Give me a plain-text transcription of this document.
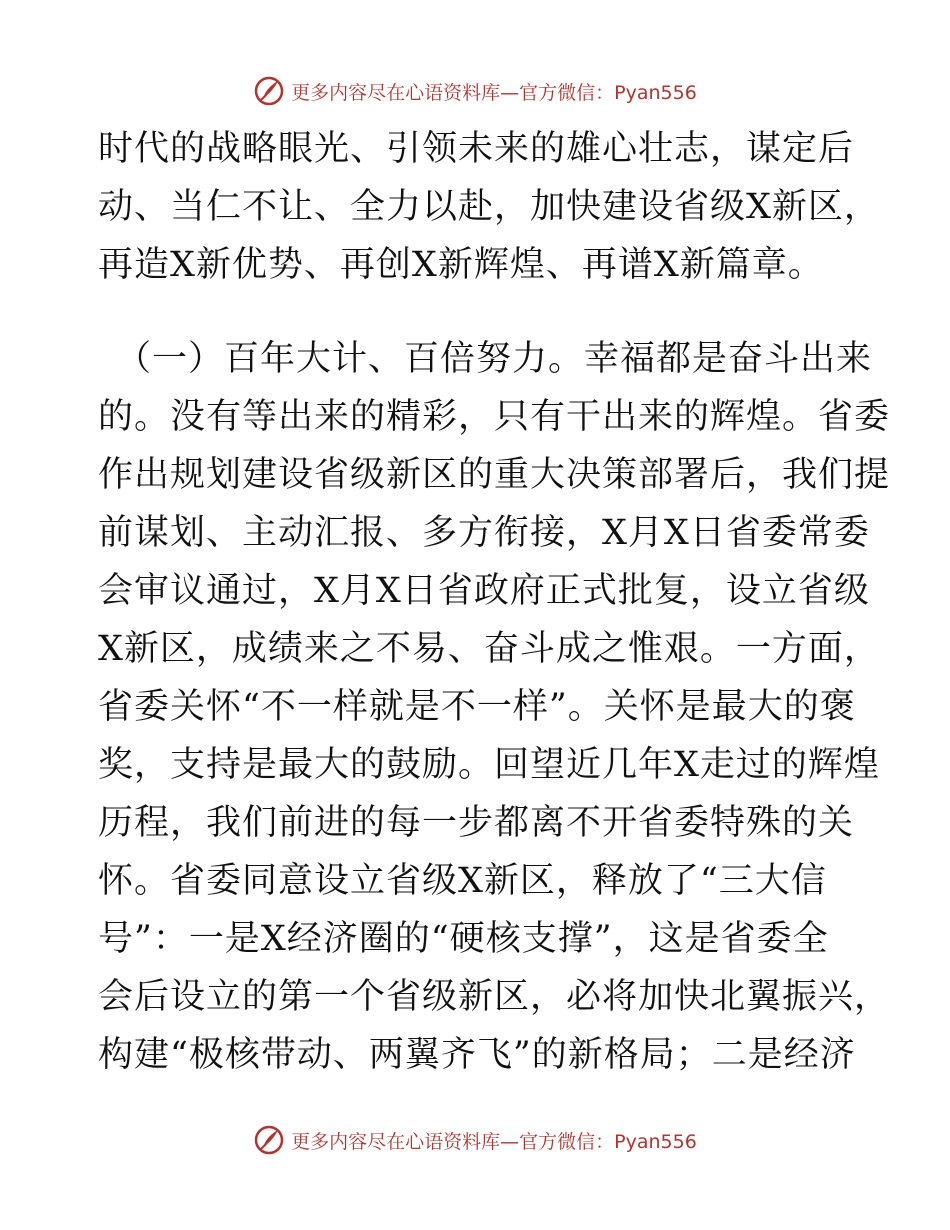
更多内容尽在心语资料库—官方微信：Pyan556
时代的战略眼光、引领未来的雄心壮志，谋定后
动、当仁不让、全力以赴，加快建设省级X新区，
再造X新优势、再创X新辉煌、再谱X新篇章。
（一）百年大计、百倍努力。幸福都是奋斗出来
的。没有等出来的精彩，只有干出来的辉煌。省委
作出规划建设省级新区的重大决策部署后，我们提
前谋划、主动汇报、多方衔接，X月X日省委常委
会审议通过，X月X日省政府正式批复，设立省级
X新区，成绩来之不易、奋斗成之惟艰。一方面，
省委关怀“不一样就是不一样”。关怀是最大的褒
奖，支持是最大的鼓励。回望近几年X走过的辉煌
历程，我们前进的每一步都离不开省委特殊的关
怀。省委同意设立省级X新区，释放了“三大信
号”：一是X经济圈的“硬核支撑”，这是省委全
会后设立的第一个省级新区，必将加快北翼振兴，
构建“极核带动、两翼齐飞”的新格局；二是经济
更多内容尽在心语资料库—官方微信：Pyan556
